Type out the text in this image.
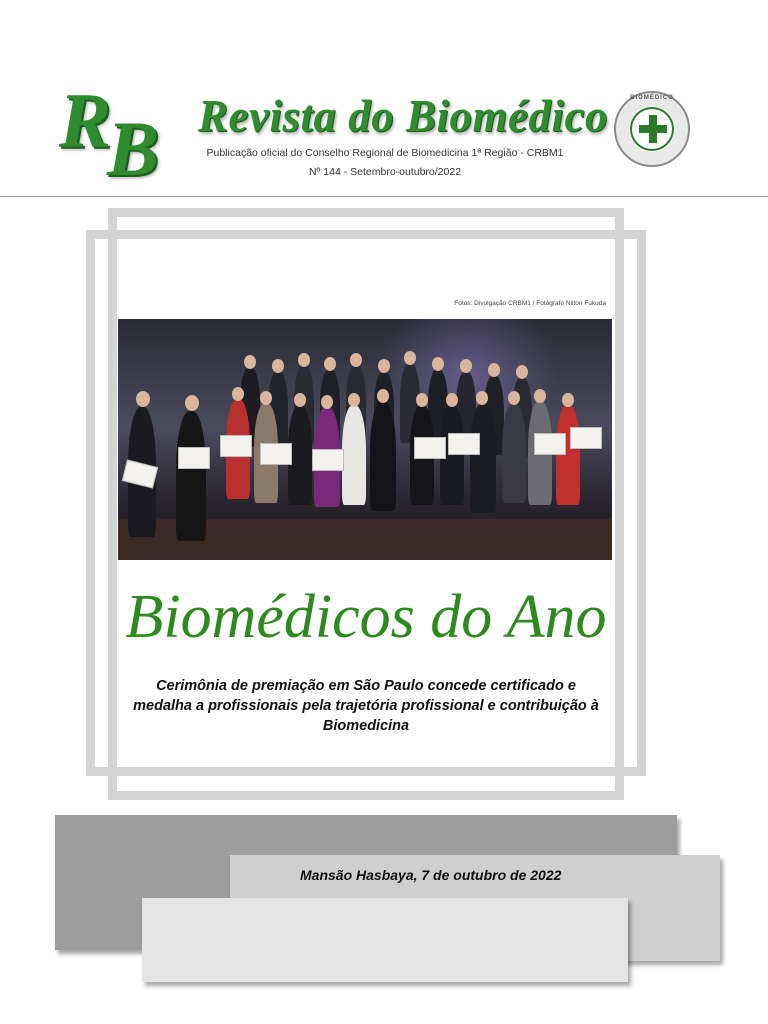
R
B Revista do Biomédico
Publicação oficial do Conselho Regional de Biomedicina 1ª Região - CRBM1
Nº 144 - Setembro-outubro/2022
BIOMÉDICO
Fotos: Divulgação CRBM1 / Fotógrafo Nilton Fukuda
Biomédicos do Ano
Cerimônia de premiação em São Paulo concede certificado e medalha a profissionais pela trajetória profissional e contribuição à Biomedicina
Mansão Hasbaya, 7 de outubro de 2022
